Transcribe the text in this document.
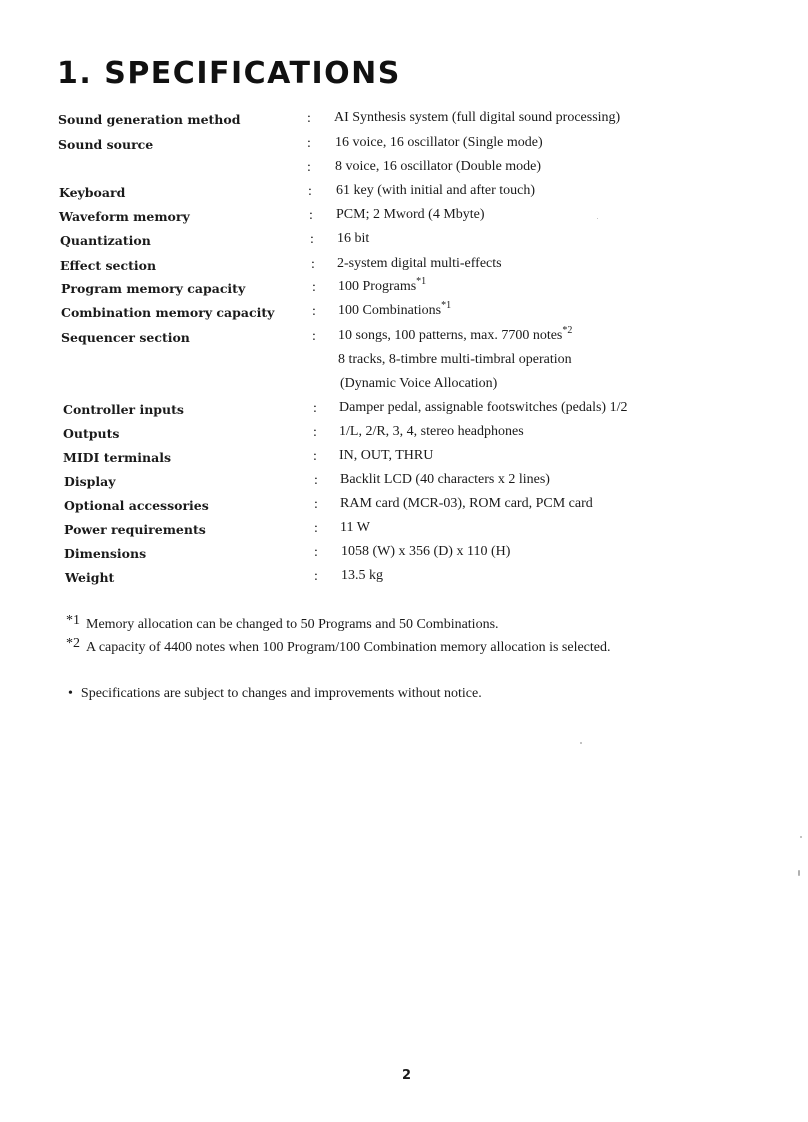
1. SPECIFICATIONS
Sound generation method	: AI Synthesis system (full digital sound processing)
Sound source	: 16 voice, 16 oscillator (Single mode)
: 8 voice, 16 oscillator (Double mode)
Keyboard	: 61 key (with initial and after touch)
Waveform memory	: PCM; 2 Mword (4 Mbyte)
Quantization	: 16 bit
Effect section	: 2-system digital multi-effects
Program memory capacity	: 100 Programs$^{*1}$
Combination memory capacity	: 100 Combinations$^{*1}$
Sequencer section	: 10 songs, 100 patterns, max. 7700 notes$^{*2}$
8 tracks, 8-timbre multi-timbral operation
(Dynamic Voice Allocation)
Controller inputs	: Damper pedal, assignable footswitches (pedals) 1/2
Outputs	: 1/L, 2/R, 3, 4, stereo headphones
MIDI terminals	: IN, OUT, THRU
Display	: Backlit LCD (40 characters x 2 lines)
Optional accessories	: RAM card (MCR-03), ROM card, PCM card
Power requirements	: 11 W
Dimensions	: 1058 (W) x 356 (D) x 110 (H)
Weight	: 13.5 kg
*1 Memory allocation can be changed to 50 Programs and 50 Combinations.
*2 A capacity of 4400 notes when 100 Program/100 Combination memory allocation is selected.
• Specifications are subject to changes and improvements without notice.
2
